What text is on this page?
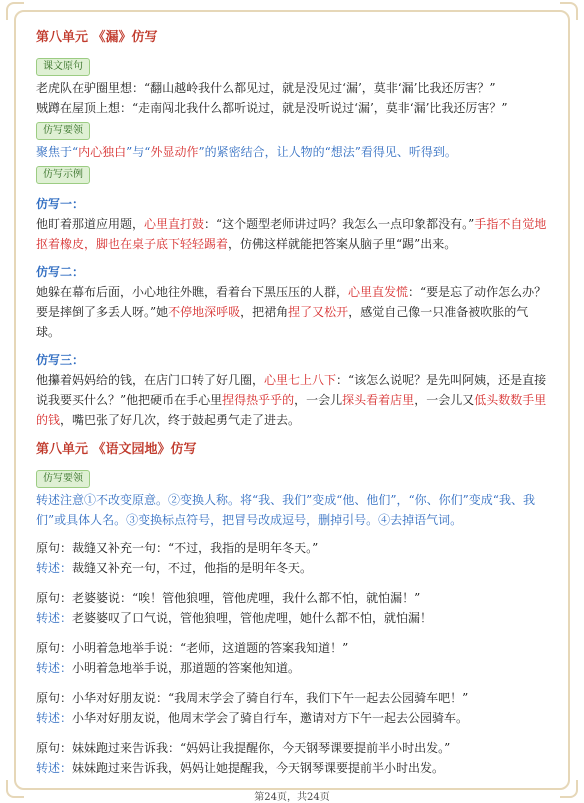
第八单元 《漏》仿写
课文原句

老虎队在驴圈里想：“翻山越岭我什么都见过，就是没见过‘漏’，莫非‘漏’比我还厉害？”

贼蹲在屋顶上想：“走南闯北我什么都听说过，就是没听说过‘漏’，莫非‘漏’比我还厉害？”

仿写要领

聚焦于“内心独白”与“外显动作”的紧密结合，让人物的“想法”看得见、听得到。

仿写示例
仿写一：

他盯着那道应用题，心里直打鼓：“这个题型老师讲过吗？我怎么一点印象都没有。”手指不自觉地抠着橡皮，脚也在桌子底下轻轻踢着，仿佛这样就能把答案从脑子里“踢”出来。

仿写二：

她躲在幕布后面，小心地往外瞧，看着台下黑压压的人群，心里直发慌：“要是忘了动作怎么办？要是摔倒了多丢人呀。”她不停地深呼吸，把裙角捏了又松开，感觉自己像一只准备被吹胀的气球。

仿写三：

他攥着妈妈给的钱，在店门口转了好几圈，心里七上八下：“该怎么说呢？是先叫阿姨，还是直接说我要买什么？”他把硬币在手心里捏得热乎乎的，一会儿探头看着店里，一会儿又低头数数手里的钱，嘴巴张了好几次，终于鼓起勇气走了进去。

第八单元 《语文园地》仿写
仿写要领

转述注意①不改变原意。②变换人称。将“我、我们”变成“他、他们”，“你、你们”变成“我、我们”或具体人名。③变换标点符号，把冒号改成逗号，删掉引号。④去掉语气词。

原句：裁缝又补充一句：“不过，我指的是明年冬天。”

转述：裁缝又补充一句，不过，他指的是明年冬天。

原句：老婆婆说：“唉！管他狼哩，管他虎哩，我什么都不怕，就怕漏！”

转述：老婆婆叹了口气说，管他狼哩，管他虎哩，她什么都不怕，就怕漏！

原句：小明着急地举手说：“老师，这道题的答案我知道！”

转述：小明着急地举手说，那道题的答案他知道。

原句：小华对好朋友说：“我周末学会了骑自行车，我们下午一起去公园骑车吧！”

转述：小华对好朋友说，他周末学会了骑自行车，邀请对方下午一起去公园骑车。

原句：妹妹跑过来告诉我：“妈妈让我提醒你，今天钢琴课要提前半小时出发。”

转述：妹妹跑过来告诉我，妈妈让她提醒我，今天钢琴课要提前半小时出发。

第24页，共24页
